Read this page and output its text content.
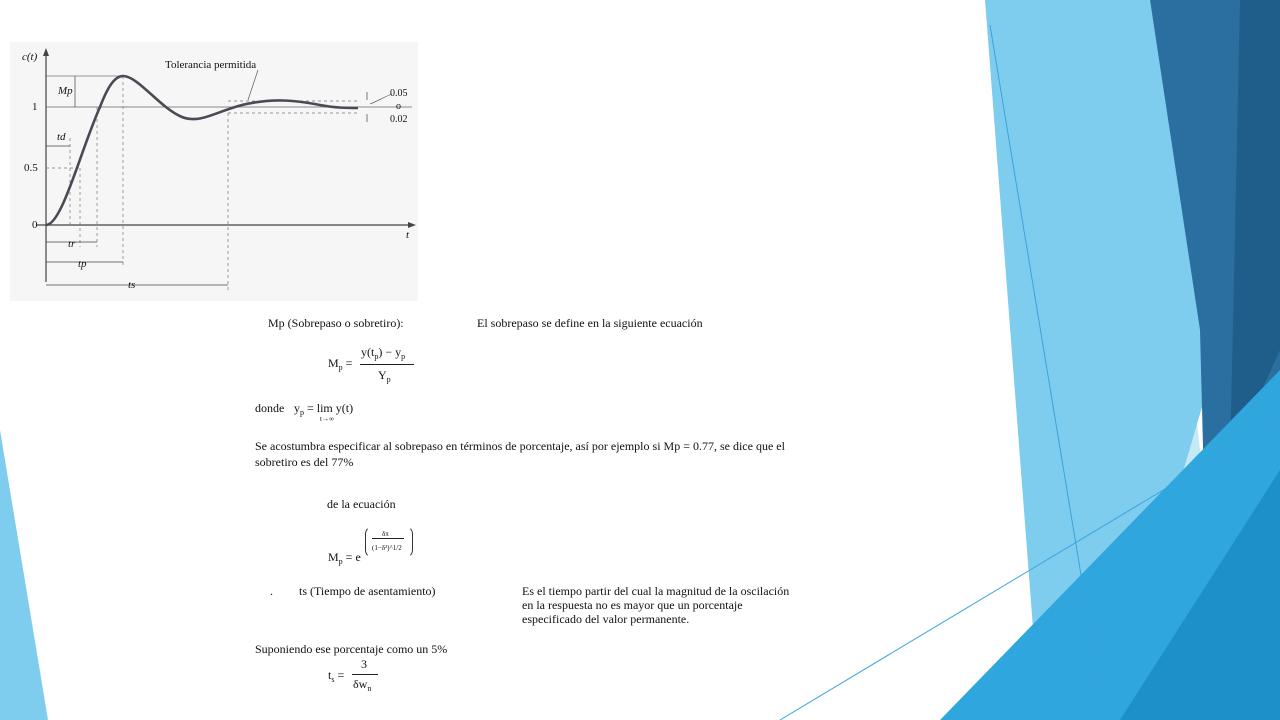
c(t)
t
1
0.5
0
Tolerancia permitida
0.05
o
0.02
Mp
td
tr
tp
ts
Mp (Sobrepaso o sobretiro):	El sobrepaso se define en la siguiente ecuación
$M_p$ =
$y(t_p) - y_p$
$Y_p$
donde $y_p = \lim y(t)$
t→∞
Se acostumbra especificar al sobrepaso en términos de porcentaje, así por ejemplo si Mp = 0.77, se dice que el
sobretiro es del 77%
de la ecuación
$M_p = e$
δπ
(1−δ²)^1/2
. ts (Tiempo de asentamiento)	Es el tiempo partir del cual la magnitud de la oscilación
en la respuesta no es mayor que un porcentaje
especificado del valor permanente.
Suponiendo ese porcentaje como un 5%
$t_s$ =
3
$\delta w_n$
